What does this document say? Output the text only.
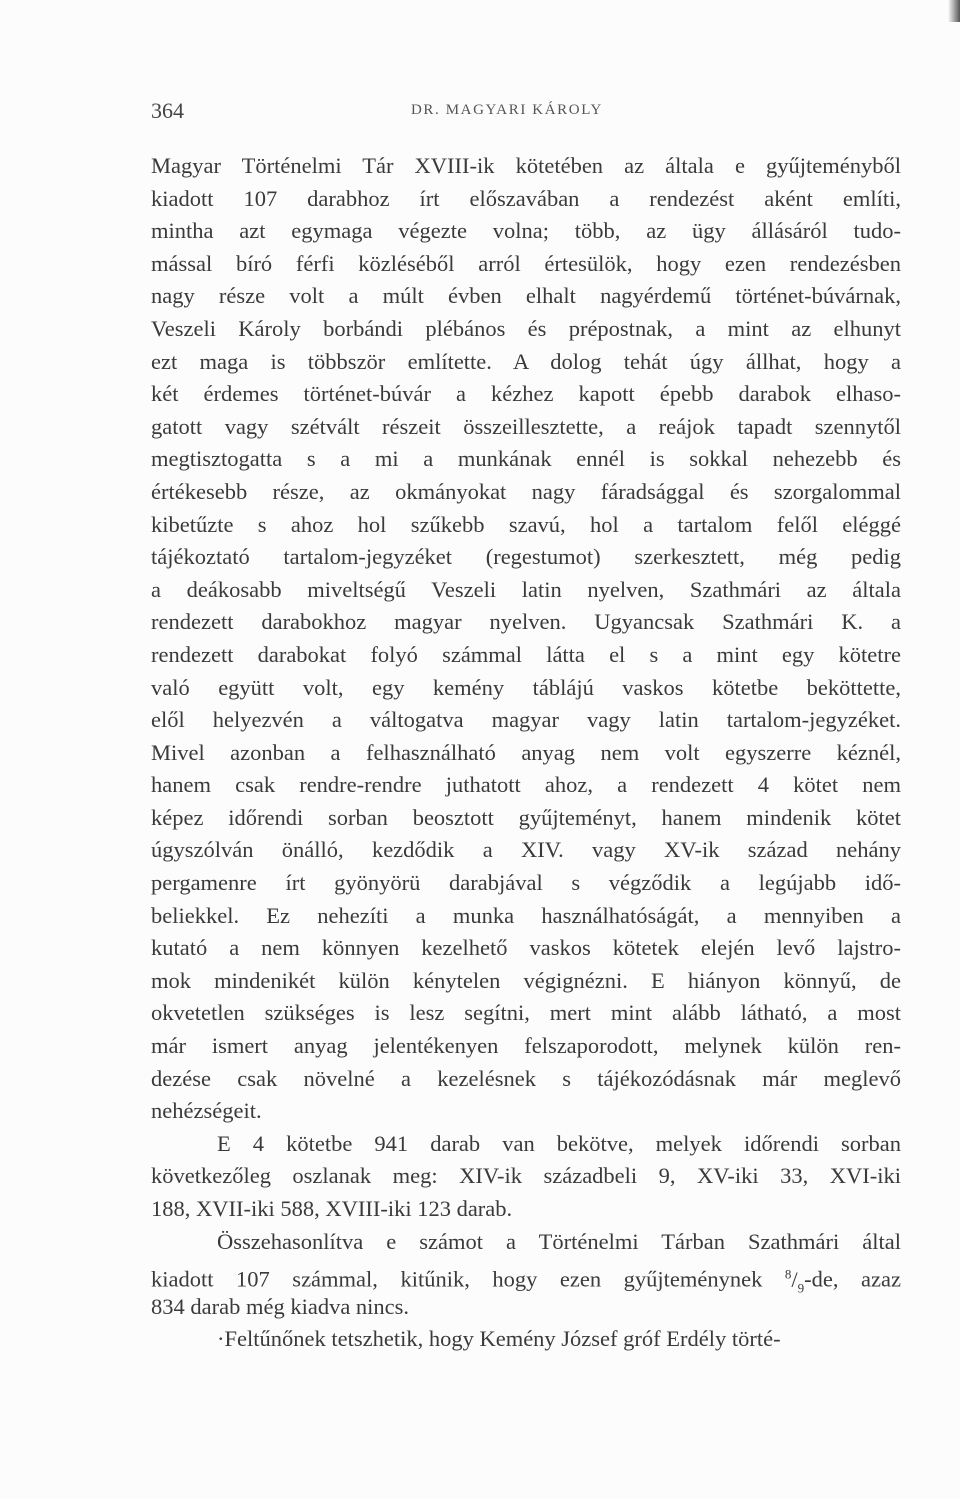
364	DR. MAGYARI KÁROLY
Magyar Történelmi Tár XVIII-ik kötetében az általa e gyűjteményből
kiadott 107 darabhoz írt előszavában a rendezést aként említi,
mintha azt egymaga végezte volna; több, az ügy állásáról tudo-
mással bíró férfi közléséből arról értesülök, hogy ezen rendezésben
nagy része volt a múlt évben elhalt nagyérdemű történet-búvárnak,
Veszeli Károly borbándi plébános és prépostnak, a mint az elhunyt
ezt maga is többször említette. A dolog tehát úgy állhat, hogy a
két érdemes történet-búvár a kézhez kapott épebb darabok elhaso-
gatott vagy szétvált részeit összeillesztette, a reájok tapadt szennytől
megtisztogatta s a mi a munkának ennél is sokkal nehezebb és
értékesebb része, az okmányokat nagy fáradsággal és szorgalommal
kibetűzte s ahoz hol szűkebb szavú, hol a tartalom felől eléggé
tájékoztató tartalom-jegyzéket (regestumot) szerkesztett, még pedig
a deákosabb miveltségű Veszeli latin nyelven, Szathmári az általa
rendezett darabokhoz magyar nyelven. Ugyancsak Szathmári K. a
rendezett darabokat folyó számmal látta el s a mint egy kötetre
való együtt volt, egy kemény táblájú vaskos kötetbe beköttette,
elől helyezvén a váltogatva magyar vagy latin tartalom-jegyzéket.
Mivel azonban a felhasználható anyag nem volt egyszerre kéznél,
hanem csak rendre-rendre juthatott ahoz, a rendezett 4 kötet nem
képez időrendi sorban beosztott gyűjteményt, hanem mindenik kötet
úgyszólván önálló, kezdődik a XIV. vagy XV-ik század nehány
pergamenre írt gyönyörü darabjával s végződik a legújabb idő-
beliekkel. Ez nehezíti a munka használhatóságát, a mennyiben a
kutató a nem könnyen kezelhető vaskos kötetek elején levő lajstro-
mok mindenikét külön kénytelen végignézni. E hiányon könnyű, de
okvetetlen szükséges is lesz segítni, mert mint alább látható, a most
már ismert anyag jelentékenyen felszaporodott, melynek külön ren-
dezése csak növelné a kezelésnek s tájékozódásnak már meglevő
nehézségeit.
E 4 kötetbe 941 darab van bekötve, melyek időrendi sorban
következőleg oszlanak meg: XIV-ik századbeli 9, XV-iki 33, XVI-iki
188, XVII-iki 588, XVIII-iki 123 darab.
Összehasonlítva e számot a Történelmi Tárban Szathmári által
kiadott 107 számmal, kitűnik, hogy ezen gyűjteménynek $^8/_9-de$, azaz
834 darab még kiadva nincs.
·Feltűnőnek tetszhetik, hogy Kemény József gróf Erdély törté-
